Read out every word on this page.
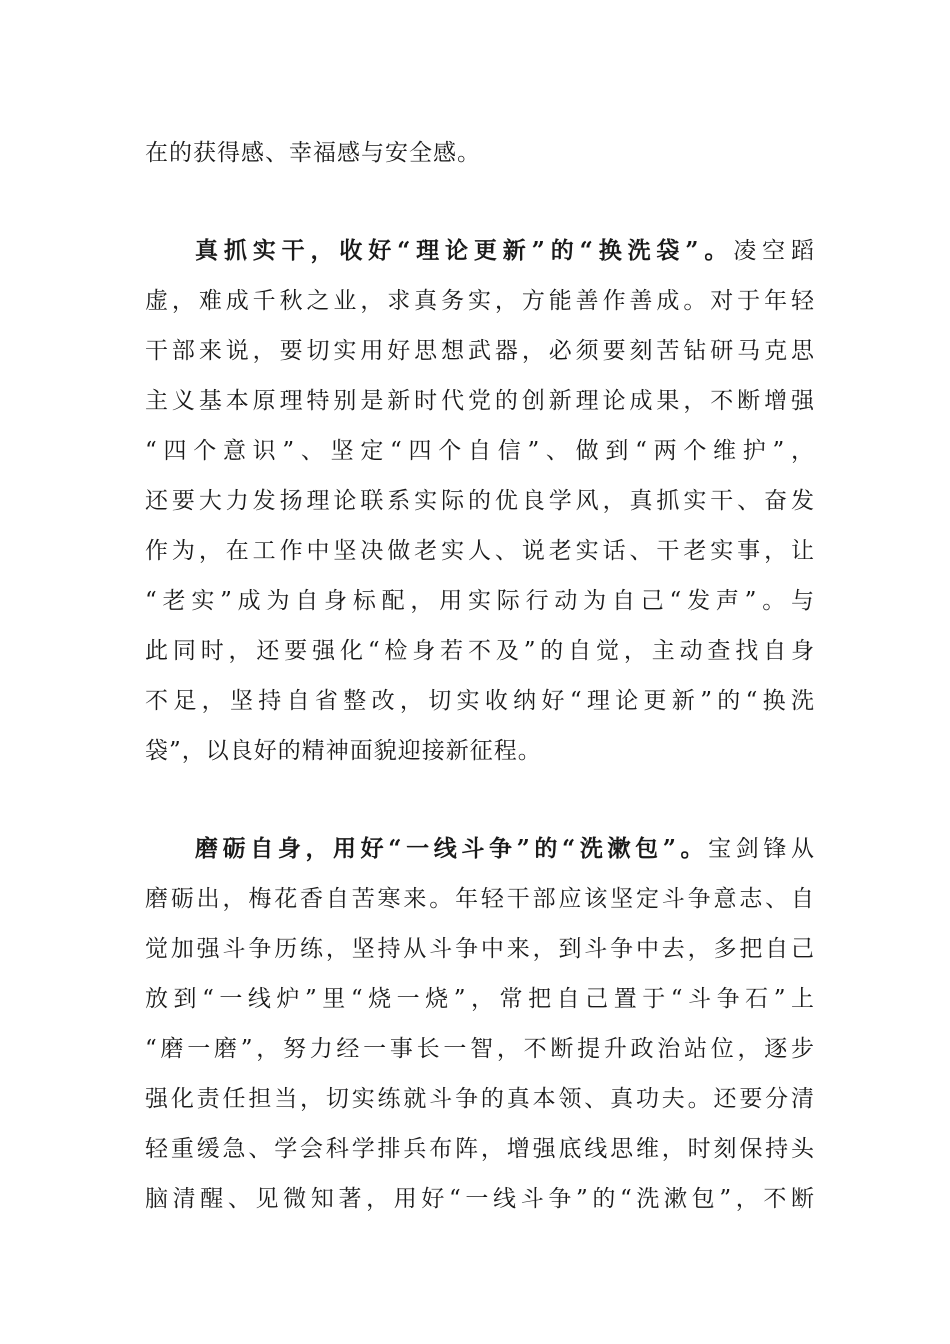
在的获得感、幸福感与安全感。
真抓实干，收好“理论更新”的“换洗袋”。凌空蹈
虚，难成千秋之业，求真务实，方能善作善成。对于年轻
干部来说，要切实用好思想武器，必须要刻苦钻研马克思
主义基本原理特别是新时代党的创新理论成果，不断增强
“四个意识”、坚定“四个自信”、做到“两个维护”，
还要大力发扬理论联系实际的优良学风，真抓实干、奋发
作为，在工作中坚决做老实人、说老实话、干老实事，让
“老实”成为自身标配，用实际行动为自己“发声”。与
此同时，还要强化“检身若不及”的自觉，主动查找自身
不足，坚持自省整改，切实收纳好“理论更新”的“换洗
袋”，以良好的精神面貌迎接新征程。
磨砺自身，用好“一线斗争”的“洗漱包”。宝剑锋从
磨砺出，梅花香自苦寒来。年轻干部应该坚定斗争意志、自
觉加强斗争历练，坚持从斗争中来，到斗争中去，多把自己
放到“一线炉”里“烧一烧”，常把自己置于“斗争石”上
“磨一磨”，努力经一事长一智，不断提升政治站位，逐步
强化责任担当，切实练就斗争的真本领、真功夫。还要分清
轻重缓急、学会科学排兵布阵，增强底线思维，时刻保持头
脑清醒、见微知著，用好“一线斗争”的“洗漱包”，不断
